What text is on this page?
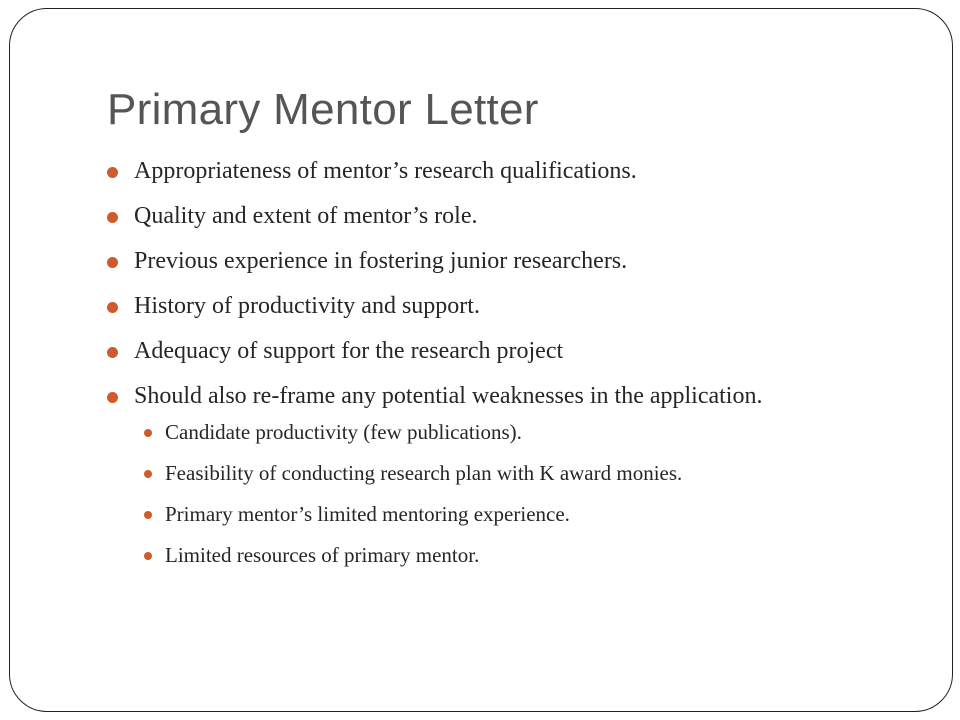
Primary Mentor Letter
Appropriateness of mentor’s research qualifications.
Quality and extent of mentor’s role.
Previous experience in fostering junior researchers.
History of productivity and support.
Adequacy of support for the research project
Should also re-frame any potential weaknesses in the application.
Candidate productivity (few publications).
Feasibility of conducting research plan with K award monies.
Primary mentor’s limited mentoring experience.
Limited resources of primary mentor.
